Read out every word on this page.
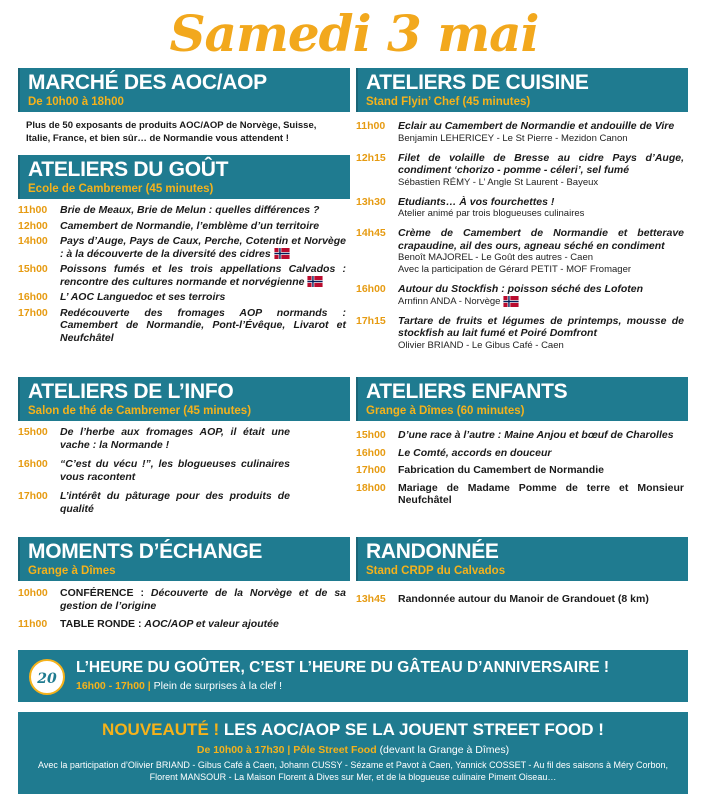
Samedi 3 mai
MARCHÉ DES AOC/AOP
De 10h00 à 18h00
Plus de 50 exposants de produits AOC/AOP de Norvège, Suisse, Italie, France, et bien sûr… de Normandie vous attendent !
ATELIERS DU GOÛT
Ecole de Cambremer (45 minutes)
11h00	Brie de Meaux, Brie de Melun : quelles différences ?
12h00	Camembert de Normandie, l’emblème d’un territoire
14h00	Pays d’Auge, Pays de Caux, Perche, Cotentin et Norvège : à la découverte de la diversité des cidres
15h00	Poissons fumés et les trois appellations Calvados : rencontre des cultures normande et norvégienne
16h00	L’ AOC Languedoc et ses terroirs
17h00	Redécouverte des fromages AOP normands : Camembert de Normandie, Pont-l’Évêque, Livarot et Neufchâtel
ATELIERS DE L’INFO
Salon de thé de Cambremer (45 minutes)
15h00	De l’herbe aux fromages AOP, il était une vache : la Normande !
16h00	“C’est du vécu !”, les blogueuses culinaires vous racontent
17h00	L’intérêt du pâturage pour des produits de qualité
MOMENTS D’ÉCHANGE
Grange à Dîmes
10h00	CONFÉRENCE : Découverte de la Norvège et de sa gestion de l’origine
11h00	TABLE RONDE : AOC/AOP et valeur ajoutée
ATELIERS DE CUISINE
Stand Flyin’ Chef (45 minutes)
11h00	Eclair au Camembert de Normandie et andouille de Vire
Benjamin LEHERICEY - Le St Pierre - Mezidon Canon
12h15	Filet de volaille de Bresse au cidre Pays d’Auge, condiment ‘chorizo - pomme - céleri’, sel fumé
Sébastien RÉMY - L’ Angle St Laurent - Bayeux
13h30	Etudiants… À vos fourchettes !
Atelier animé par trois blogueuses culinaires
14h45	Crème de Camembert de Normandie et betterave crapaudine, ail des ours, agneau séché en condiment
Benoît MAJOREL - Le Goût des autres - Caen
Avec la participation de Gérard PETIT - MOF Fromager
16h00	Autour du Stockfish : poisson séché des Lofoten
Arnfinn ANDA - Norvège
17h15	Tartare de fruits et légumes de printemps, mousse de stockfish au lait fumé et Poiré Domfront
Olivier BRIAND - Le Gibus Café - Caen
ATELIERS ENFANTS
Grange à Dîmes (60 minutes)
15h00	D’une race à l’autre : Maine Anjou et bœuf de Charolles
16h00	Le Comté, accords en douceur
17h00	Fabrication du Camembert de Normandie
18h00	Mariage de Madame Pomme de terre et Monsieur Neufchâtel
RANDONNÉE
Stand CRDP du Calvados
13h45	Randonnée autour du Manoir de Grandouet (8 km)
20
L’HEURE DU GOÛTER, C’EST L’HEURE DU GÂTEAU D’ANNIVERSAIRE !
16h00 - 17h00 | Plein de surprises à la clef !
NOUVEAUTÉ ! LES AOC/AOP SE LA JOUENT STREET FOOD !
De 10h00 à 17h30 | Pôle Street Food (devant la Grange à Dîmes)
Avec la participation d’Olivier BRIAND - Gibus Café à Caen, Johann CUSSY - Sézame et Pavot à Caen, Yannick COSSET - Au fil des saisons à Méry Corbon, Florent MANSOUR - La Maison Florent à Dives sur Mer, et de la blogueuse culinaire Piment Oiseau…
